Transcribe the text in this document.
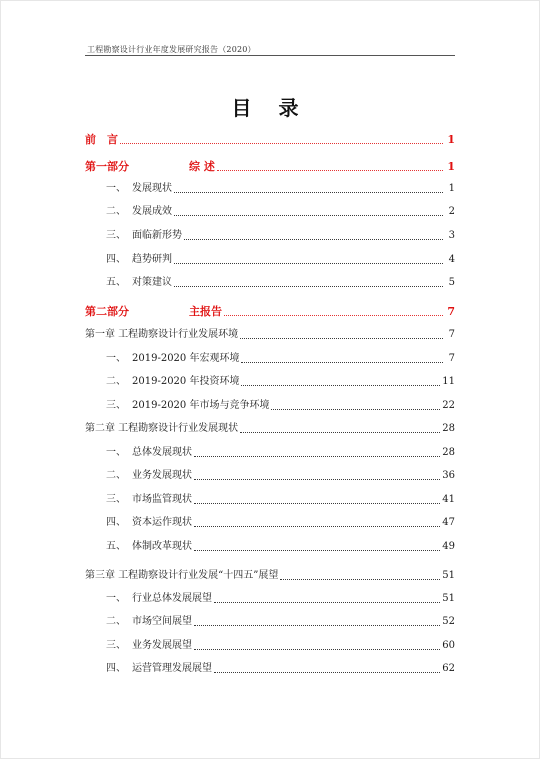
工程勘察设计行业年度发展研究报告（2020）
目 录
前　言	1
第一部分	综 述	1
一、 发展现状	1
二、 发展成效	2
三、 面临新形势	3
四、 趋势研判	4
五、 对策建议	5
第二部分	主报告	7
第一章 工程勘察设计行业发展环境	7
一、 2019-2020 年宏观环境	7
二、 2019-2020 年投资环境	11
三、 2019-2020 年市场与竞争环境	22
第二章 工程勘察设计行业发展现状	28
一、 总体发展现状	28
二、 业务发展现状	36
三、 市场监管现状	41
四、 资本运作现状	47
五、 体制改革现状	49
第三章 工程勘察设计行业发展“十四五”展望	51
一、 行业总体发展展望	51
二、 市场空间展望	52
三、 业务发展展望	60
四、 运营管理发展展望	62
